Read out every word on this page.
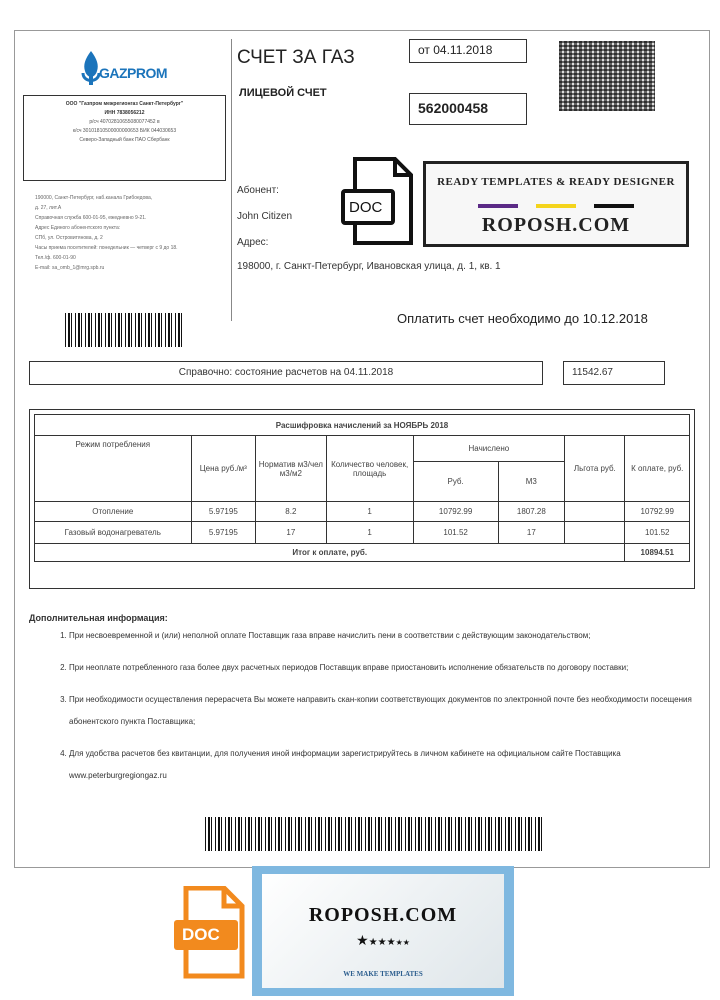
GAZPROM
ООО "Газпром межрегионгаз Санкт-Петербург"
ИНН 7838056212
р/сч 40702810655080077452 в
к/сч 30101810500000000653 БИК 044030653
Северо-Западный банк ПАО Сбербанк
190000, Санкт-Петербург, наб.канала Грибоедова,
д. 27, лит.А
Справочная служба 600-01-95, ежедневно 9-21.
Адрес Единого абонентского пункта:
СПб, ул. Островитянова, д. 2
Часы приема посетителей: понедельник — четверг с 9 до 18.
Тел./ф. 600-01-90
E-mail: sa_omb_1@mrg.spb.ru
СЧЕТ ЗА ГАЗ	от 04.11.2018
ЛИЦЕВОЙ СЧЕТ
562000458
Абонент:
John Citizen
Адрес:
198000, г. Санкт-Петербург, Ивановская улица, д. 1, кв. 1
DOC
READY TEMPLATES & READY DESIGNER
ROPOSH.COM
Оплатить счет необходимо до 10.12.2018
Справочно: состояние расчетов на 04.11.2018	11542.67
Расшифровка начислений за НОЯБРЬ 2018							
Режим потребления	Цена руб./м³	Норматив м3/чел м3/м2	Количество человек, площадь	Начислено		Льгота руб.	К оплате, руб.
				Руб.	М3		
Отопление	5.97195	8.2	1	10792.99	1807.28		10792.99
Газовый водонагреватель	5.97195	17	1	101.52	17		101.52
Итог к оплате, руб.							10894.51
Дополнительная информация:
1. При несвоевременной и (или) неполной оплате Поставщик газа вправе начислить пени в соответствии с действующим законодательством;
2. При неоплате потребленного газа более двух расчетных периодов Поставщик вправе приостановить исполнение обязательств по договору поставки;
3. При необходимости осуществления перерасчета Вы можете направить скан-копии соответствующих документов по электронной почте без необходимости посещения абонентского пункта Поставщика;
4. Для удобства расчетов без квитанции, для получения иной информации зарегистрируйтесь в личном кабинете на официальном сайте Поставщика www.peterburgregiongaz.ru
DOC
ROPOSH.COM
★★★★★★
WE MAKE TEMPLATES
